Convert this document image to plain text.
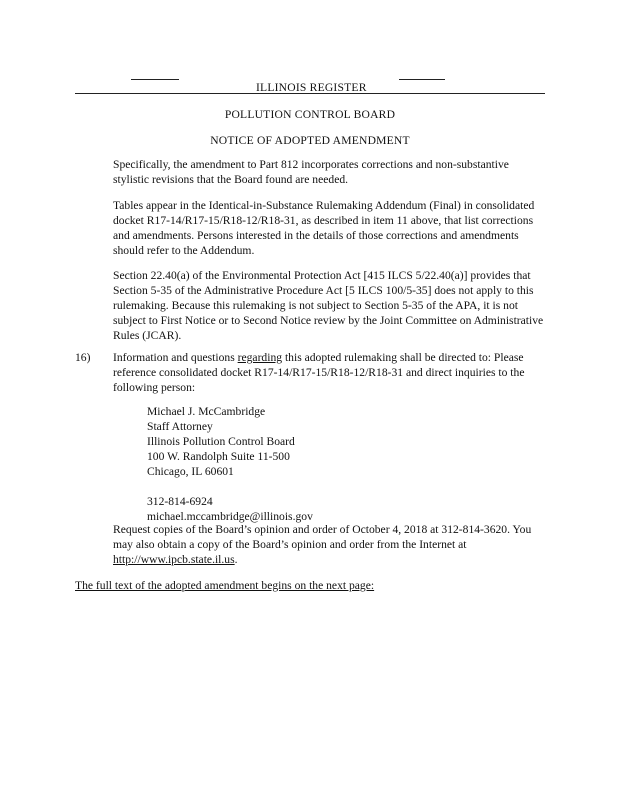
ILLINOIS REGISTER
POLLUTION CONTROL BOARD
NOTICE OF ADOPTED AMENDMENT

Specifically, the amendment to Part 812 incorporates corrections and non-substantive stylistic revisions that the Board found are needed.

Tables appear in the Identical-in-Substance Rulemaking Addendum (Final) in consolidated docket R17-14/R17-15/R18-12/R18-31, as described in item 11 above, that list corrections and amendments. Persons interested in the details of those corrections and amendments should refer to the Addendum.

Section 22.40(a) of the Environmental Protection Act [415 ILCS 5/22.40(a)] provides that Section 5-35 of the Administrative Procedure Act [5 ILCS 100/5-35] does not apply to this rulemaking. Because this rulemaking is not subject to Section 5-35 of the APA, it is not subject to First Notice or to Second Notice review by the Joint Committee on Administrative Rules (JCAR).

16) Information and questions regarding this adopted rulemaking shall be directed to: Please reference consolidated docket R17-14/R17-15/R18-12/R18-31 and direct inquiries to the following person:

Michael J. McCambridge
Staff Attorney
Illinois Pollution Control Board
100 W. Randolph Suite 11-500
Chicago, IL 60601
312-814-6924
michael.mccambridge@illinois.gov

Request copies of the Board’s opinion and order of October 4, 2018 at 312-814-3620. You may also obtain a copy of the Board’s opinion and order from the Internet at http://www.ipcb.state.il.us.

The full text of the adopted amendment begins on the next page:
